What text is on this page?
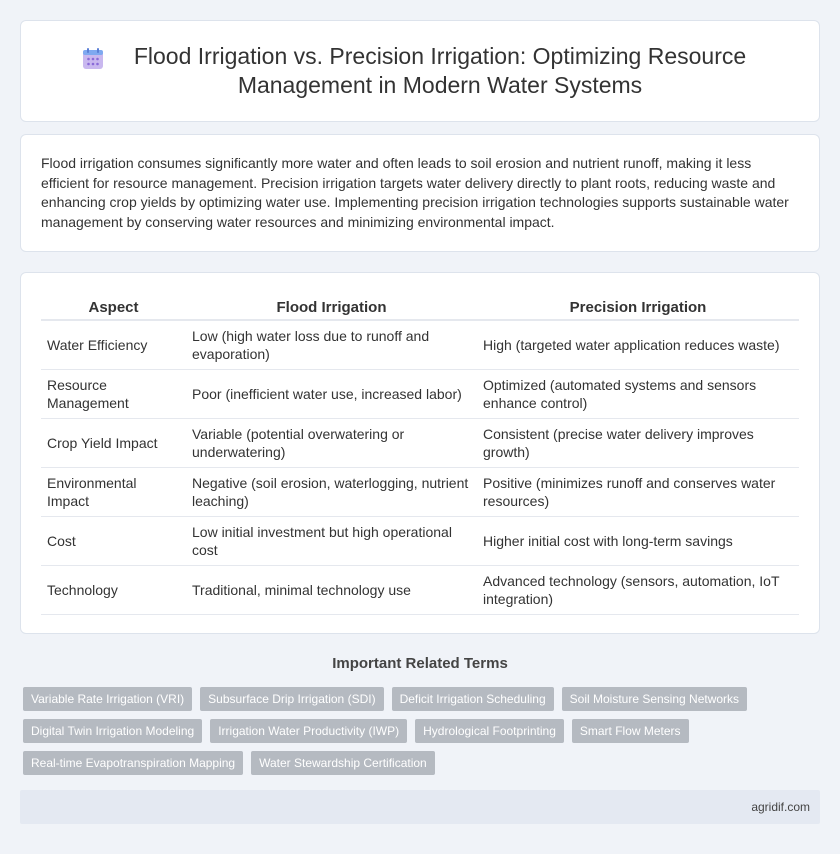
Flood Irrigation vs. Precision Irrigation: Optimizing Resource Management in Modern Water Systems

Flood irrigation consumes significantly more water and often leads to soil erosion and nutrient runoff, making it less efficient for resource management. Precision irrigation targets water delivery directly to plant roots, reducing waste and enhancing crop yields by optimizing water use. Implementing precision irrigation technologies supports sustainable water management by conserving water resources and minimizing environmental impact.

Aspect	Flood Irrigation	Precision Irrigation
Water Efficiency	Low (high water loss due to runoff and evaporation)	High (targeted water application reduces waste)
Resource Management	Poor (inefficient water use, increased labor)	Optimized (automated systems and sensors enhance control)
Crop Yield Impact	Variable (potential overwatering or underwatering)	Consistent (precise water delivery improves growth)
Environmental Impact	Negative (soil erosion, waterlogging, nutrient leaching)	Positive (minimizes runoff and conserves water resources)
Cost	Low initial investment but high operational cost	Higher initial cost with long-term savings
Technology	Traditional, minimal technology use	Advanced technology (sensors, automation, IoT integration)
Important Related Terms
Variable Rate Irrigation (VRI)	Subsurface Drip Irrigation (SDI)	Deficit Irrigation Scheduling	Soil Moisture Sensing Networks
Digital Twin Irrigation Modeling	Irrigation Water Productivity (IWP)	Hydrological Footprinting	Smart Flow Meters
Real-time Evapotranspiration Mapping	Water Stewardship Certification
agridif.com
